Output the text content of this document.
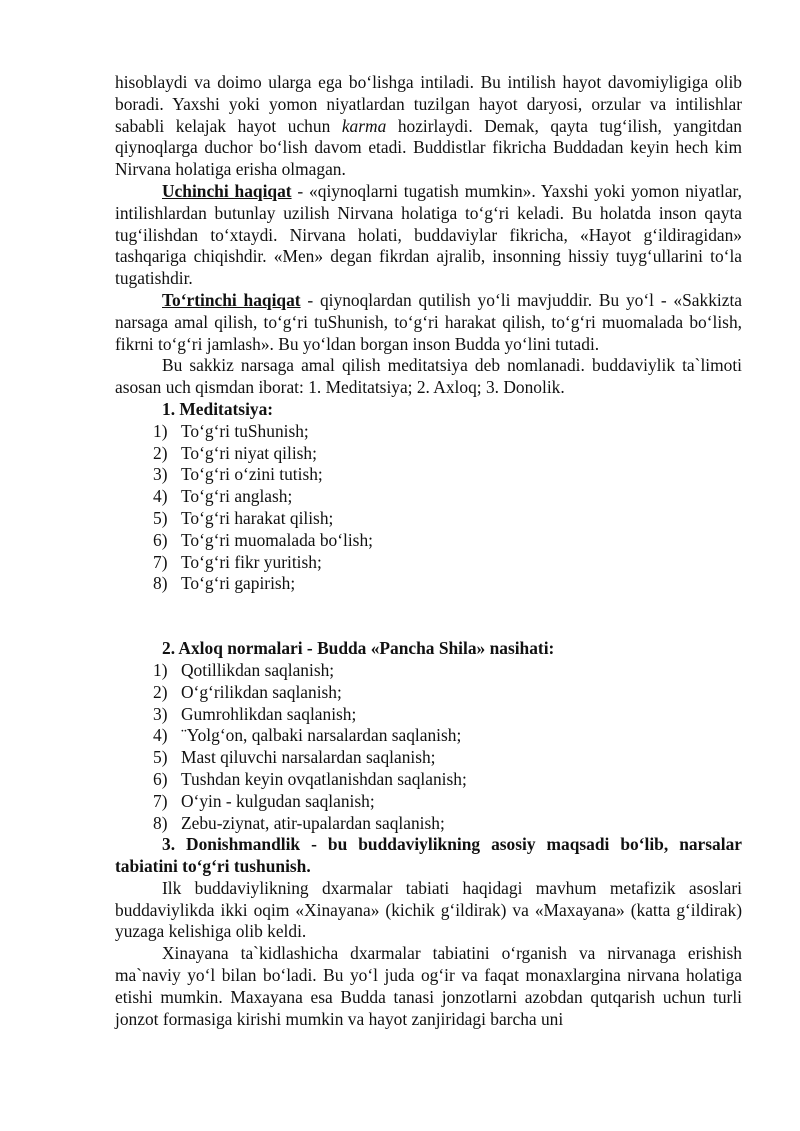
hisoblaydi va doimo ularga ega bo‘lishga intiladi. Bu intilish hayot davomiyligiga olib boradi. Yaxshi yoki yomon niyatlardan tuzilgan hayot daryosi, orzular va intilishlar sababli kelajak hayot uchun karma hozirlaydi. Demak, qayta tug‘ilish, yangitdan qiynoqlarga duchor bo‘lish davom etadi. Buddistlar fikricha Buddadan keyin hech kim Nirvana holatiga erisha olmagan.

Uchinchi haqiqat - «qiynoqlarni tugatish mumkin». Yaxshi yoki yomon niyatlar, intilishlardan butunlay uzilish Nirvana holatiga to‘g‘ri keladi. Bu holatda inson qayta tug‘ilishdan to‘xtaydi. Nirvana holati, buddaviylar fikricha, «Hayot g‘ildiragidan» tashqariga chiqishdir. «Men» degan fikrdan ajralib, insonning hissiy tuyg‘ullarini to‘la tugatishdir.

To‘rtinchi haqiqat - qiynoqlardan qutilish yo‘li mavjuddir. Bu yo‘l - «Sakkizta narsaga amal qilish, to‘g‘ri tuShunish, to‘g‘ri harakat qilish, to‘g‘ri muomalada bo‘lish, fikrni to‘g‘ri jamlash». Bu yo‘ldan borgan inson Budda yo‘lini tutadi.

Bu sakkiz narsaga amal qilish meditatsiya deb nomlanadi. buddaviylik ta`limoti asosan uch qismdan iborat: 1. Meditatsiya; 2. Axloq; 3. Donolik.

1. Meditatsiya:
1) To‘g‘ri tuShunish;
2) To‘g‘ri niyat qilish;
3) To‘g‘ri o‘zini tutish;
4) To‘g‘ri anglash;
5) To‘g‘ri harakat qilish;
6) To‘g‘ri muomalada bo‘lish;
7) To‘g‘ri fikr yuritish;
8) To‘g‘ri gapirish;
2. Axloq normalari - Budda «Pancha Shila» nasihati:
1) Qotillikdan saqlanish;
2) O‘g‘rilikdan saqlanish;
3) Gumrohlikdan saqlanish;
4) ¨Yolg‘on, qalbaki narsalardan saqlanish;
5) Mast qiluvchi narsalardan saqlanish;
6) Tushdan keyin ovqatlanishdan saqlanish;
7) O‘yin - kulgudan saqlanish;
8) Zebu-ziynat, atir-upalardan saqlanish;

3. Donishmandlik - bu buddaviylikning asosiy maqsadi bo‘lib, narsalar tabiatini to‘g‘ri tushunish.

Ilk buddaviylikning dxarmalar tabiati haqidagi mavhum metafizik asoslari buddaviylikda ikki oqim «Xinayana» (kichik g‘ildirak) va «Maxayana» (katta g‘ildirak) yuzaga kelishiga olib keldi.

Xinayana ta`kidlashicha dxarmalar tabiatini o‘rganish va nirvanaga erishish ma`naviy yo‘l bilan bo‘ladi. Bu yo‘l juda og‘ir va faqat monaxlargina nirvana holatiga etishi mumkin. Maxayana esa Budda tanasi jonzotlarni azobdan qutqarish uchun turli jonzot formasiga kirishi mumkin va hayot zanjiridagi barcha uni
